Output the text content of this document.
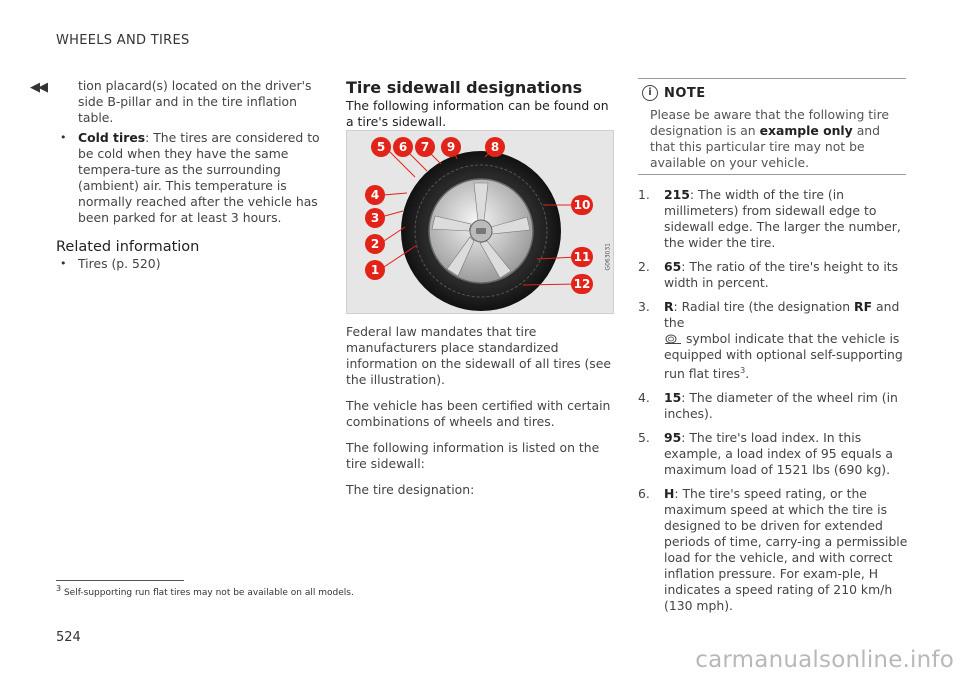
WHEELS AND TIRES
◀◀	tion placard(s) located on the driver's side B-pillar and in the tire inflation table.
• Cold tires: The tires are considered to be cold when they have the same tempera-ture as the surrounding (ambient) air. This temperature is normally reached after the vehicle has been parked for at least 3 hours.
Related information
• Tires (p. 520)
Tire sidewall designations
The following information can be found on a tire's sidewall.
5	6	7	9	8
4
3
2
1
10
11
12
G063031
Federal law mandates that tire manufacturers place standardized information on the sidewall of all tires (see the illustration).
The vehicle has been certified with certain combinations of wheels and tires.
The following information is listed on the tire sidewall:
The tire designation:
i NOTE
Please be aware that the following tire designation is an example only and that this particular tire may not be available on your vehicle.
1. 215: The width of the tire (in millimeters) from sidewall edge to sidewall edge. The larger the number, the wider the tire.
2. 65: The ratio of the tire's height to its width in percent.
3. R: Radial tire (the designation RF and the
symbol indicate that the vehicle is equipped with optional self-supporting run flat tires$^3$.
4. 15: The diameter of the wheel rim (in inches).
5. 95: The tire's load index. In this example, a load index of 95 equals a maximum load of 1521 lbs (690 kg).
6. H: The tire's speed rating, or the maximum speed at which the tire is designed to be driven for extended periods of time, carry-ing a permissible load for the vehicle, and with correct inflation pressure. For exam-ple, H indicates a speed rating of 210 km/h (130 mph).
$^3$ Self-supporting run flat tires may not be available on all models.
524
carmanualsonline.info
